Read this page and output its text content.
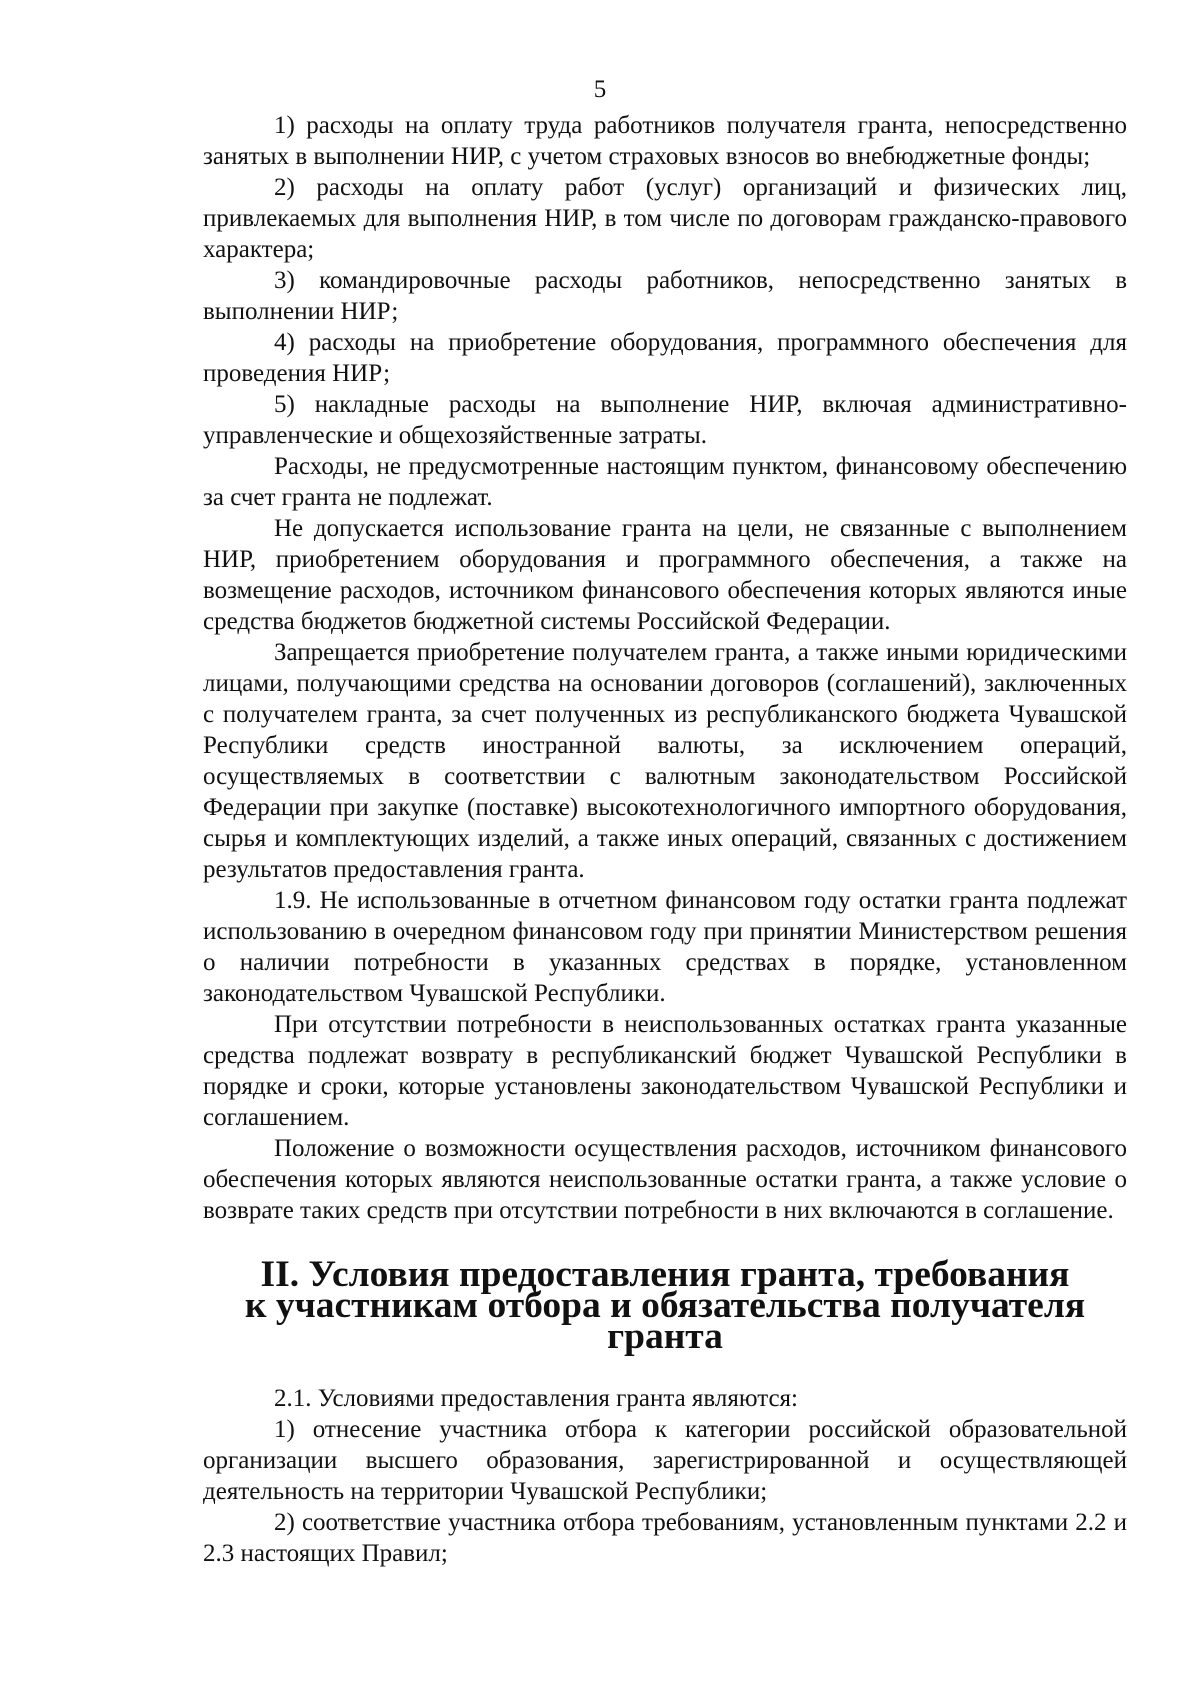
5

1) расходы на оплату труда работников получателя гранта, непосредственно занятых в выполнении НИР, с учетом страховых взносов во внебюджетные фонды;

2) расходы на оплату работ (услуг) организаций и физических лиц, привлекаемых для выполнения НИР, в том числе по договорам гражданско-правового характера;

3) командировочные расходы работников, непосредственно занятых в выполнении НИР;

4) расходы на приобретение оборудования, программного обеспечения для проведения НИР;

5) накладные расходы на выполнение НИР, включая административно-управленческие и общехозяйственные затраты.

Расходы, не предусмотренные настоящим пунктом, финансовому обеспечению за счет гранта не подлежат.

Не допускается использование гранта на цели, не связанные с выполнением НИР, приобретением оборудования и программного обеспечения, а также на возмещение расходов, источником финансового обеспечения которых являются иные средства бюджетов бюджетной системы Российской Федерации.

Запрещается приобретение получателем гранта, а также иными юридическими лицами, получающими средства на основании договоров (соглашений), заключенных с получателем гранта, за счет полученных из республиканского бюджета Чувашской Республики средств иностранной валюты, за исключением операций, осуществляемых в соответствии с валютным законодательством Российской Федерации при закупке (поставке) высокотехнологичного импортного оборудования, сырья и комплектующих изделий, а также иных операций, связанных с достижением результатов предоставления гранта.

1.9. Не использованные в отчетном финансовом году остатки гранта подлежат использованию в очередном финансовом году при принятии Министерством решения о наличии потребности в указанных средствах в порядке, установленном законодательством Чувашской Республики.

При отсутствии потребности в неиспользованных остатках гранта указанные средства подлежат возврату в республиканский бюджет Чувашской Республики в порядке и сроки, которые установлены законодательством Чувашской Республики и соглашением.

Положение о возможности осуществления расходов, источником финансового обеспечения которых являются неиспользованные остатки гранта, а также условие о возврате таких средств при отсутствии потребности в них включаются в соглашение.

II. Условия предоставления гранта, требования
к участникам отбора и обязательства получателя гранта

2.1. Условиями предоставления гранта являются:

1) отнесение участника отбора к категории российской образовательной организации высшего образования, зарегистрированной и осуществляющей деятельность на территории Чувашской Республики;

2) соответствие участника отбора требованиям, установленным пунктами 2.2 и 2.3 настоящих Правил;
